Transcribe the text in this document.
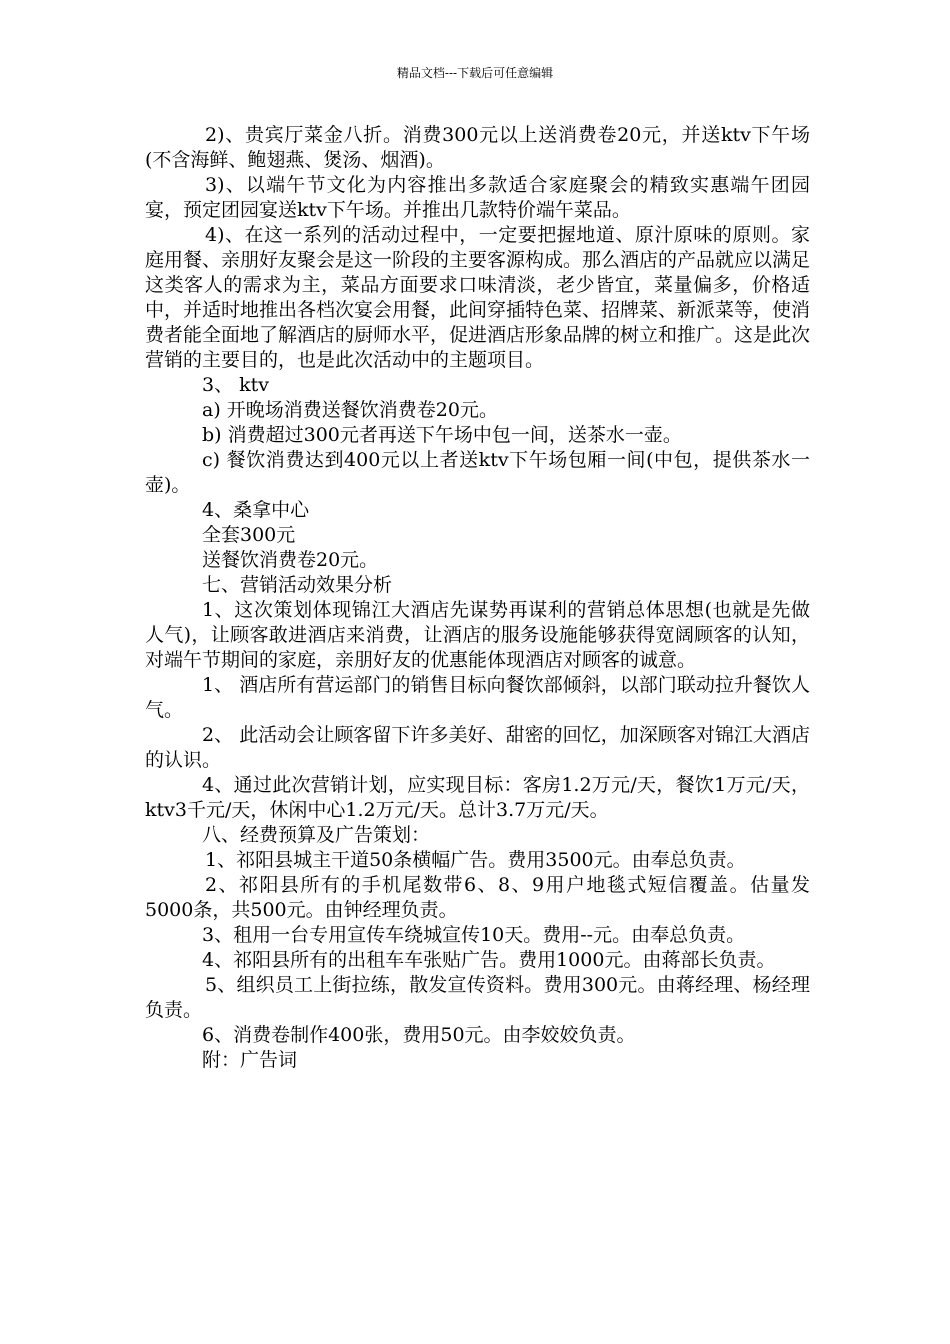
精品文档---下载后可任意编辑

2)、贵宾厅菜金八折。消费300元以上送消费卷20元，并送ktv下午场(不含海鲜、鲍翅燕、煲汤、烟酒)。

3)、以端午节文化为内容推出多款适合家庭聚会的精致实惠端午团园宴，预定团园宴送ktv下午场。并推出几款特价端午菜品。

4)、在这一系列的活动过程中，一定要把握地道、原汁原味的原则。家庭用餐、亲朋好友聚会是这一阶段的主要客源构成。那么酒店的产品就应以满足这类客人的需求为主，菜品方面要求口味清淡，老少皆宜，菜量偏多，价格适中，并适时地推出各档次宴会用餐，此间穿插特色菜、招牌菜、新派菜等，使消费者能全面地了解酒店的厨师水平，促进酒店形象品牌的树立和推广。这是此次营销的主要目的，也是此次活动中的主题项目。

3、 ktv

a) 开晚场消费送餐饮消费卷20元。

b) 消费超过300元者再送下午场中包一间，送茶水一壶。

c) 餐饮消费达到400元以上者送ktv下午场包厢一间(中包，提供茶水一壶)。

4、桑拿中心

全套300元

送餐饮消费卷20元。

七、营销活动效果分析

1、这次策划体现锦江大酒店先谋势再谋利的营销总体思想(也就是先做人气)，让顾客敢进酒店来消费，让酒店的服务设施能够获得宽阔顾客的认知，对端午节期间的家庭，亲朋好友的优惠能体现酒店对顾客的诚意。

1、 酒店所有营运部门的销售目标向餐饮部倾斜，以部门联动拉升餐饮人气。

2、 此活动会让顾客留下许多美好、甜密的回忆，加深顾客对锦江大酒店的认识。

4、通过此次营销计划，应实现目标：客房1.2万元/天，餐饮1万元/天，ktv3千元/天，休闲中心1.2万元/天。总计3.7万元/天。

八、经费预算及广告策划：

1、祁阳县城主干道50条横幅广告。费用3500元。由奉总负责。

2、祁阳县所有的手机尾数带6、8、9用户地毯式短信覆盖。估量发5000条，共500元。由钟经理负责。

3、租用一台专用宣传车绕城宣传10天。费用--元。由奉总负责。

4、祁阳县所有的出租车车张贴广告。费用1000元。由蒋部长负责。

5、组织员工上街拉练，散发宣传资料。费用300元。由蒋经理、杨经理负责。

6、消费卷制作400张，费用50元。由李姣姣负责。

附：广告词
